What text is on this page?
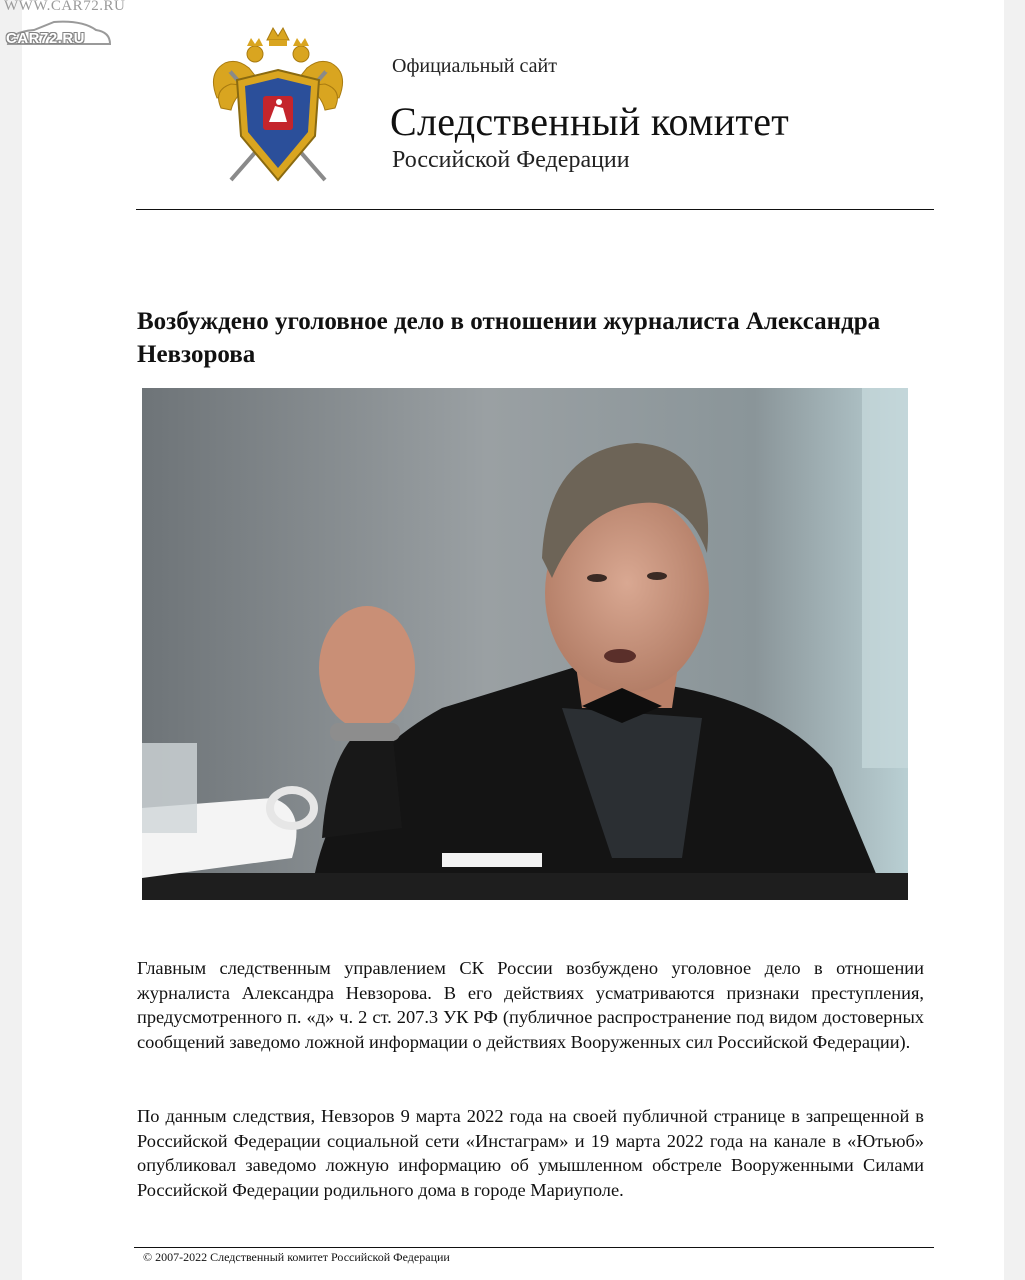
Официальный сайт
Следственный комитет
Российской Федерации
Возбуждено уголовное дело в отношении журналиста Александра Невзорова

Главным следственным управлением СК России возбуждено уголовное дело в отношении журналиста Александра Невзорова. В его действиях усматриваются признаки преступления, предусмотренного п. «д» ч. 2 ст. 207.3 УК РФ (публичное распространение под видом достоверных сообщений заведомо ложной информации о действиях Вооруженных сил Российской Федерации).

По данным следствия, Невзоров 9 марта 2022 года на своей публичной странице в запрещенной в Российской Федерации социальной сети «Инстаграм» и 19 марта 2022 года на канале в «Ютьюб» опубликовал заведомо ложную информацию об умышленном обстреле Вооруженными Силами Российской Федерации родильного дома в городе Мариуполе.

© 2007-2022 Следственный комитет Российской Федерации
WWW.CAR72.RU
CAR72.RU
